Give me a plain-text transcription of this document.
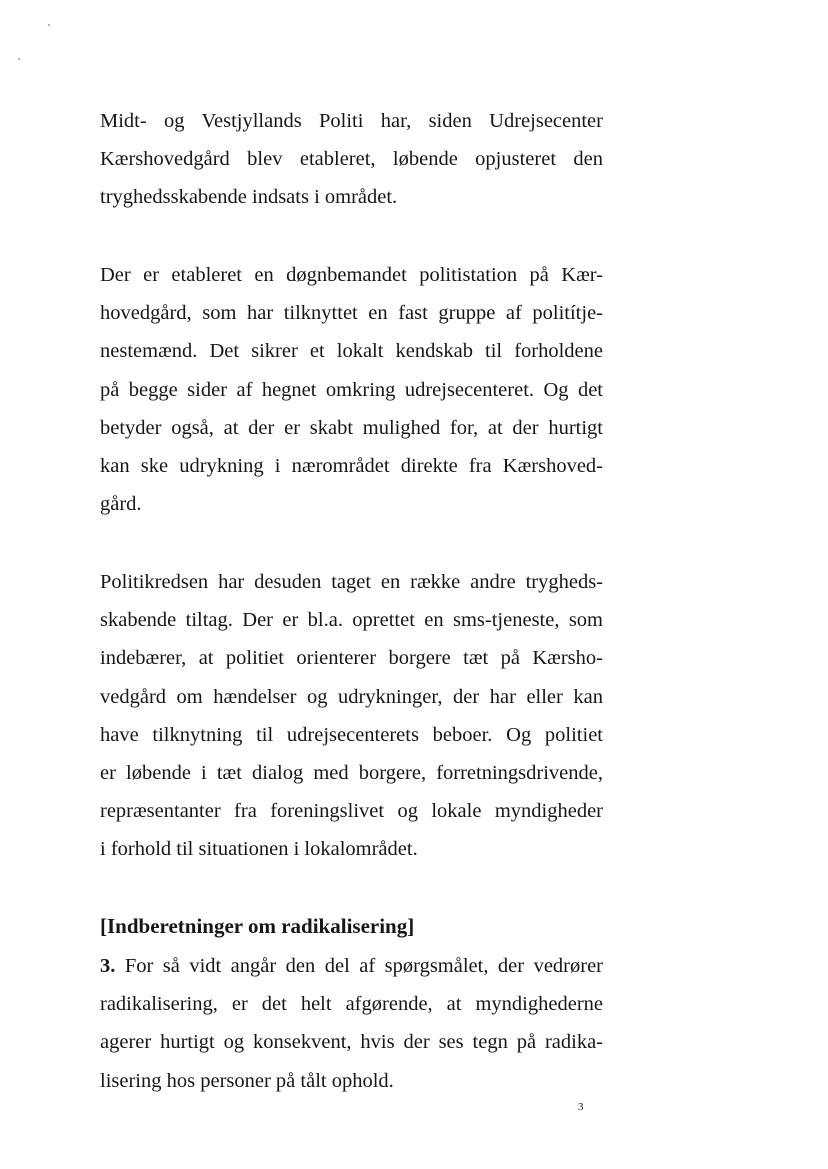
Midt- og Vestjyllands Politi har, siden Udrejsecenter
Kærshovedgård blev etableret, løbende opjusteret den
tryghedsskabende indsats i området.
Der er etableret en døgnbemandet politistation på Kær-
hovedgård, som har tilknyttet en fast gruppe af politítje-
nestemænd. Det sikrer et lokalt kendskab til forholdene
på begge sider af hegnet omkring udrejsecenteret. Og det
betyder også, at der er skabt mulighed for, at der hurtigt
kan ske udrykning i nærområdet direkte fra Kærshoved-
gård.
Politikredsen har desuden taget en række andre trygheds-
skabende tiltag. Der er bl.a. oprettet en sms-tjeneste, som
indebærer, at politiet orienterer borgere tæt på Kærsho-
vedgård om hændelser og udrykninger, der har eller kan
have tilknytning til udrejsecenterets beboer. Og politiet
er løbende i tæt dialog med borgere, forretningsdrivende,
repræsentanter fra foreningslivet og lokale myndigheder
i forhold til situationen i lokalområdet.
[Indberetninger om radikalisering]
3. For så vidt angår den del af spørgsmålet, der vedrører
radikalisering, er det helt afgørende, at myndighederne
agerer hurtigt og konsekvent, hvis der ses tegn på radika-
lisering hos personer på tålt ophold.
3
